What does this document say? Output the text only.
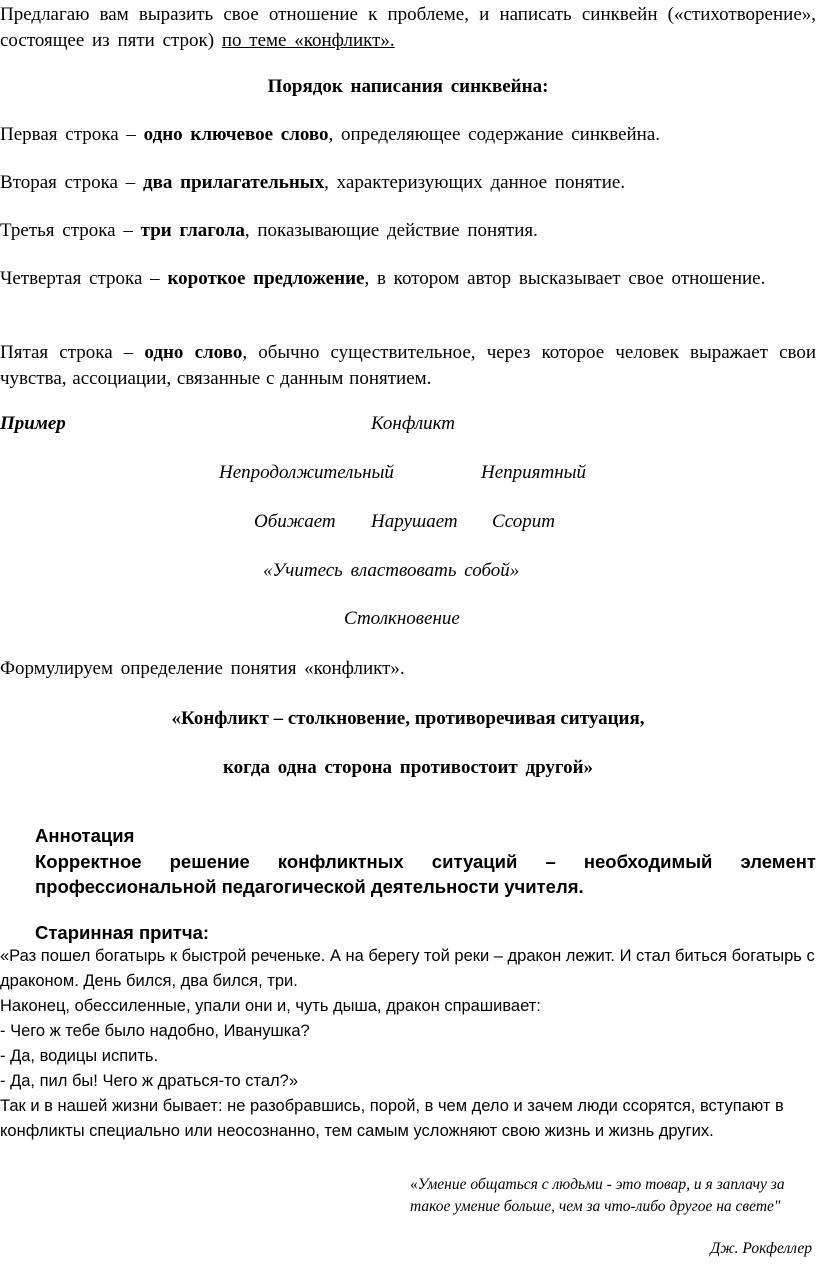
Предлагаю вам выразить свое отношение к проблеме, и написать синквейн («стихотворение», состоящее из пяти строк) по теме «конфликт».
Порядок написания синквейна:
Первая строка – одно ключевое слово, определяющее содержание синквейна.
Вторая строка – два прилагательных, характеризующих данное понятие.
Третья строка – три глагола, показывающие действие понятия.
Четвертая строка – короткое предложение, в котором автор высказывает свое отношение.
Пятая строка – одно слово, обычно существительное, через которое человек выражает свои чувства, ассоциации, связанные с данным понятием.
Пример	Конфликт
Непродолжительный	Неприятный
Обижает Нарушает Ссорит
«Учитесь властвовать собой»
Столкновение
Формулируем определение понятия «конфликт».
«Конфликт – столкновение, противоречивая ситуация,
когда одна сторона противостоит другой»
Аннотация
Корректное решение конфликтных ситуаций – необходимый элемент профессиональной педагогической деятельности учителя.
Старинная притча:
«Раз пошел богатырь к быстрой реченьке. А на берегу той реки – дракон лежит. И стал биться богатырь с драконом. День бился, два бился, три.
Наконец, обессиленные, упали они и, чуть дыша, дракон спрашивает:
- Чего ж тебе было надобно, Иванушка?
- Да, водицы испить.
- Да, пил бы! Чего ж драться-то стал?»
Так и в нашей жизни бывает: не разобравшись, порой, в чем дело и зачем люди ссорятся, вступают в конфликты специально или неосознанно, тем самым усложняют свою жизнь и жизнь других.
«Умение общаться с людьми - это товар, и я заплачу за такое умение больше, чем за что-либо другое на свете"
Дж. Рокфеллер
